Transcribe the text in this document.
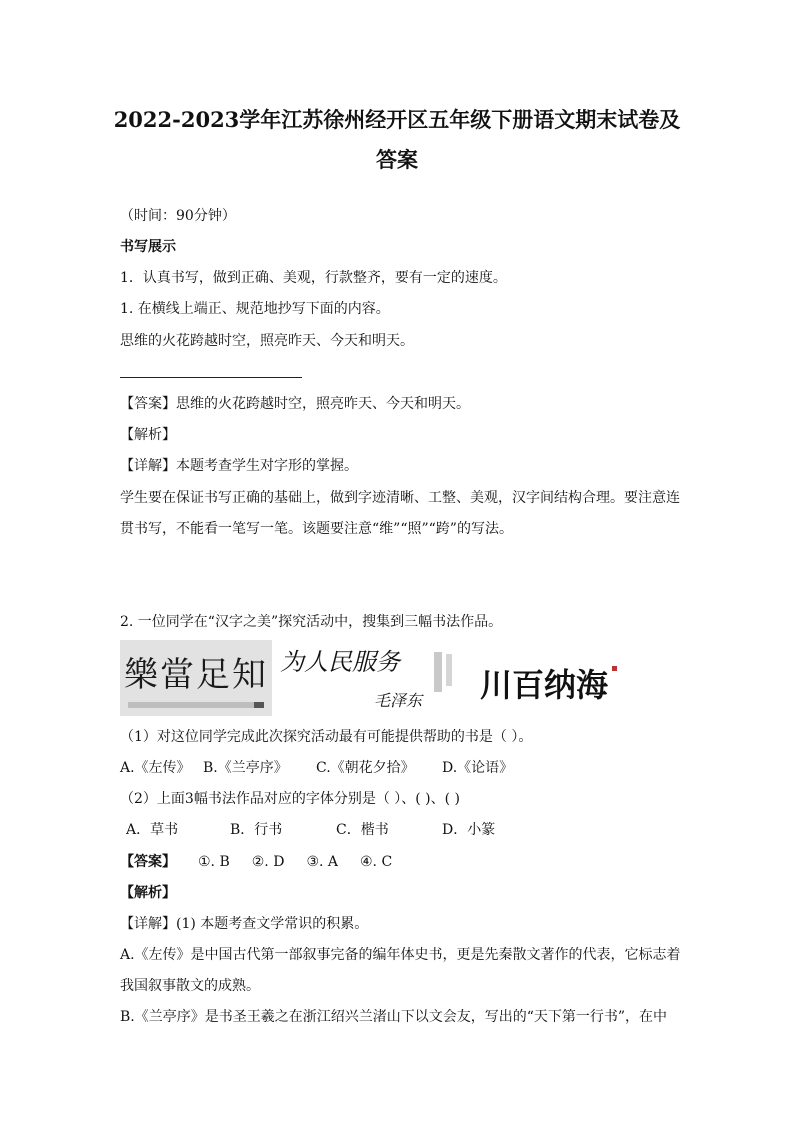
2022-2023学年江苏徐州经开区五年级下册语文期末试卷及
答案
（时间：90分钟）
书写展示
1．认真书写，做到正确、美观，行款整齐，要有一定的速度。
1. 在横线上端正、规范地抄写下面的内容。
思维的火花跨越时空，照亮昨天、今天和明天。
【答案】思维的火花跨越时空，照亮昨天、今天和明天。
【解析】
【详解】本题考查学生对字形的掌握。
学生要在保证书写正确的基础上，做到字迹清晰、工整、美观，汉字间结构合理。要注意连
贯书写，不能看一笔写一笔。该题要注意“维”“照”“跨”的写法。
2. 一位同学在“汉字之美”探究活动中，搜集到三幅书法作品。
樂當足知 为人民服务
毛泽东 海纳百川
（1）对这位同学完成此次探究活动最有可能提供帮助的书是（ ）。
A.《左传》 B.《兰亭序》 C.《朝花夕拾》 D.《论语》
（2）上面3幅书法作品对应的字体分别是（ ）、( )、( )
A．草书	B．行书	C．楷书	D．小篆
【答案】 ①. B ②. D ③. A ④. C
【解析】
【详解】(1) 本题考查文学常识的积累。
A.《左传》是中国古代第一部叙事完备的编年体史书，更是先秦散文著作的代表，它标志着
我国叙事散文的成熟。
B.《兰亭序》是书圣王羲之在浙江绍兴兰渚山下以文会友，写出的“天下第一行书”，在中
